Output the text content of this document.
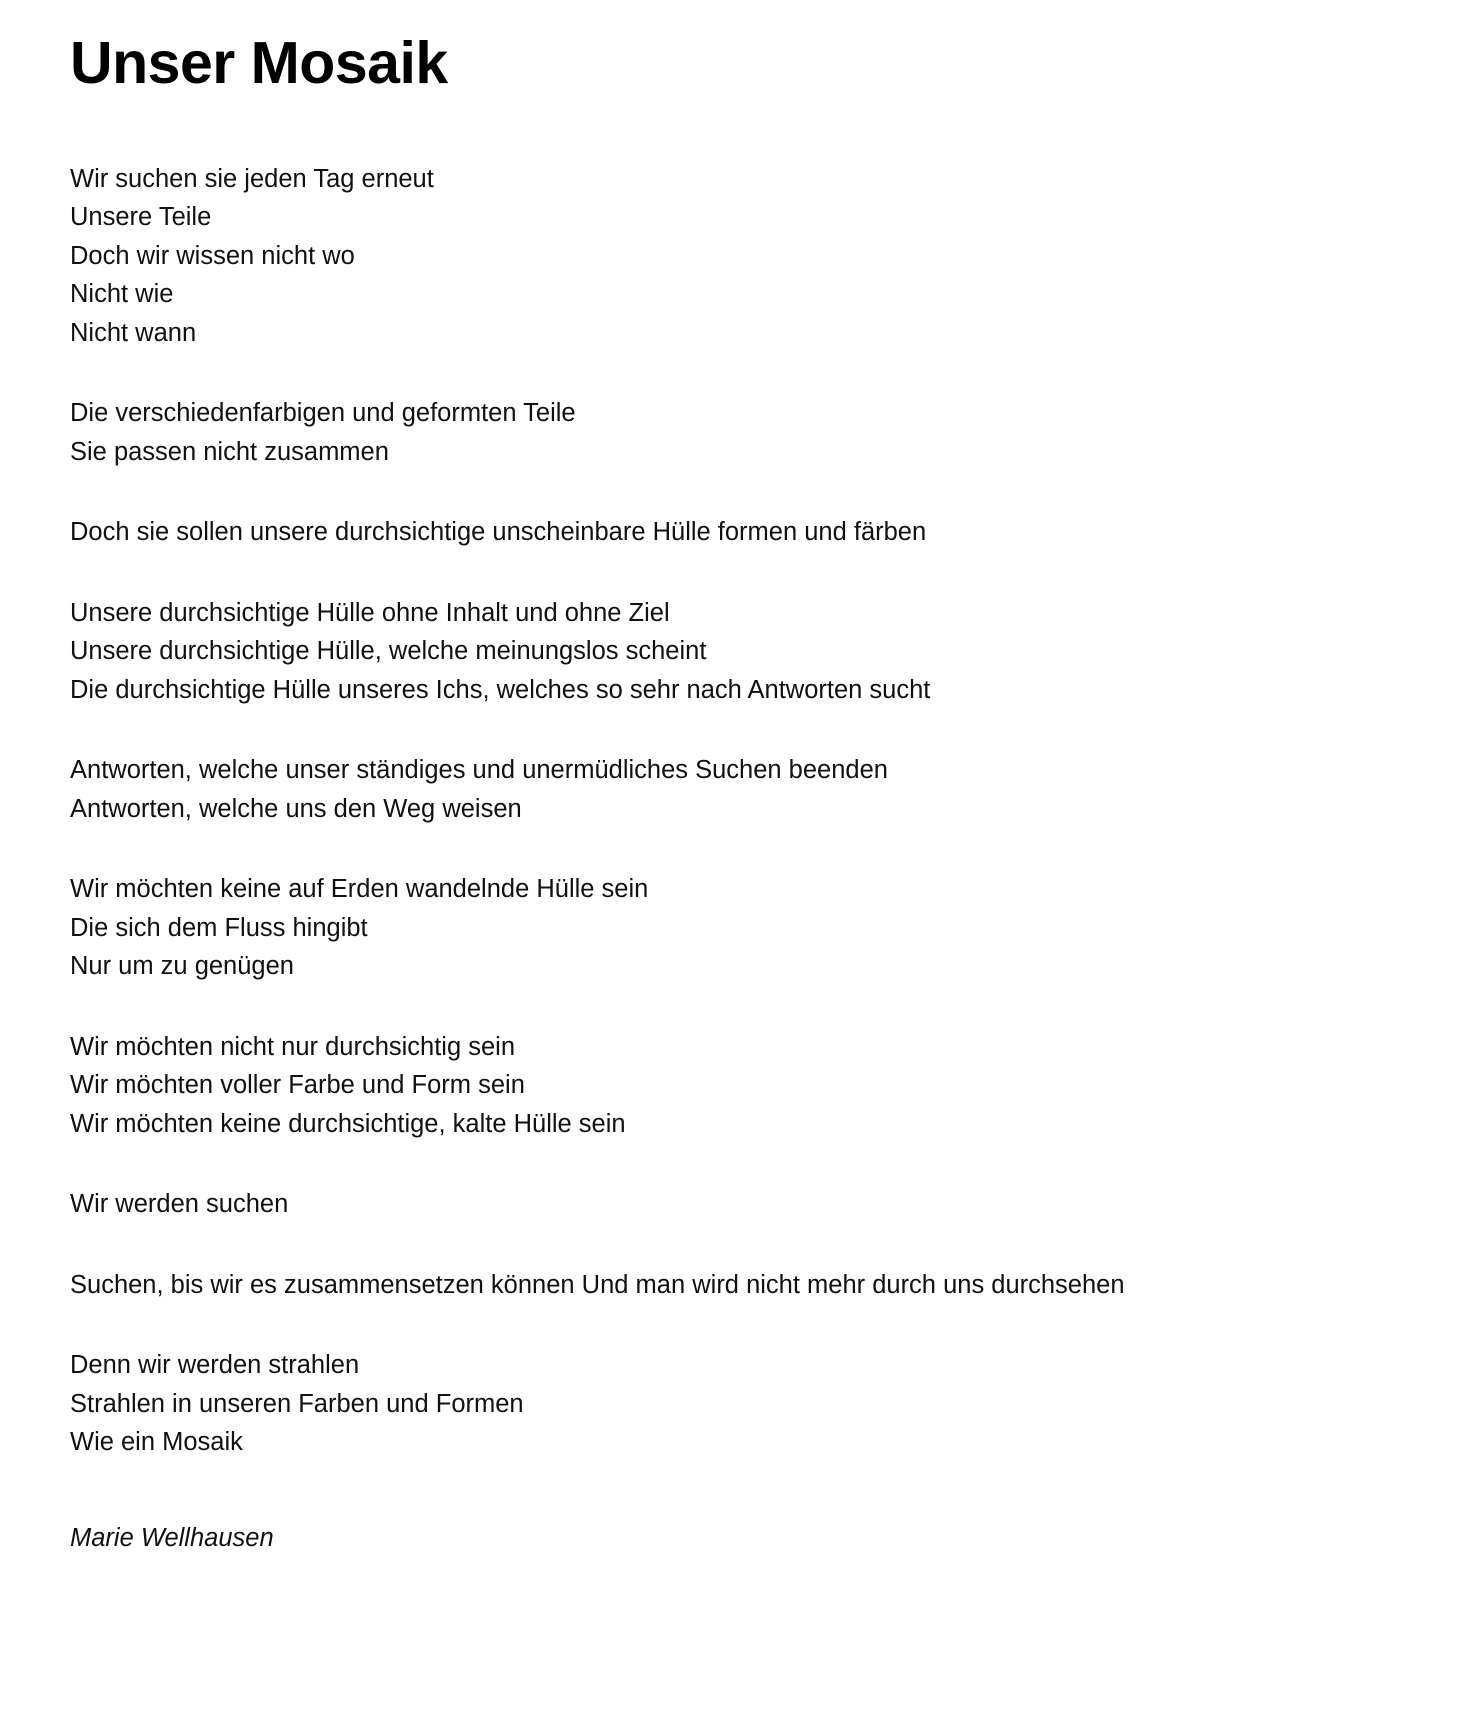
Unser Mosaik
Wir suchen sie jeden Tag erneut
Unsere Teile
Doch wir wissen nicht wo
Nicht wie
Nicht wann
Die verschiedenfarbigen und geformten Teile
Sie passen nicht zusammen
Doch sie sollen unsere durchsichtige unscheinbare Hülle formen und färben
Unsere durchsichtige Hülle ohne Inhalt und ohne Ziel
Unsere durchsichtige Hülle, welche meinungslos scheint
Die durchsichtige Hülle unseres Ichs, welches so sehr nach Antworten sucht
Antworten, welche unser ständiges und unermüdliches Suchen beenden
Antworten, welche uns den Weg weisen
Wir möchten keine auf Erden wandelnde Hülle sein
Die sich dem Fluss hingibt
Nur um zu genügen
Wir möchten nicht nur durchsichtig sein
Wir möchten voller Farbe und Form sein
Wir möchten keine durchsichtige, kalte Hülle sein
Wir werden suchen
Suchen, bis wir es zusammensetzen können Und man wird nicht mehr durch uns durchsehen
Denn wir werden strahlen
Strahlen in unseren Farben und Formen
Wie ein Mosaik
Marie Wellhausen
